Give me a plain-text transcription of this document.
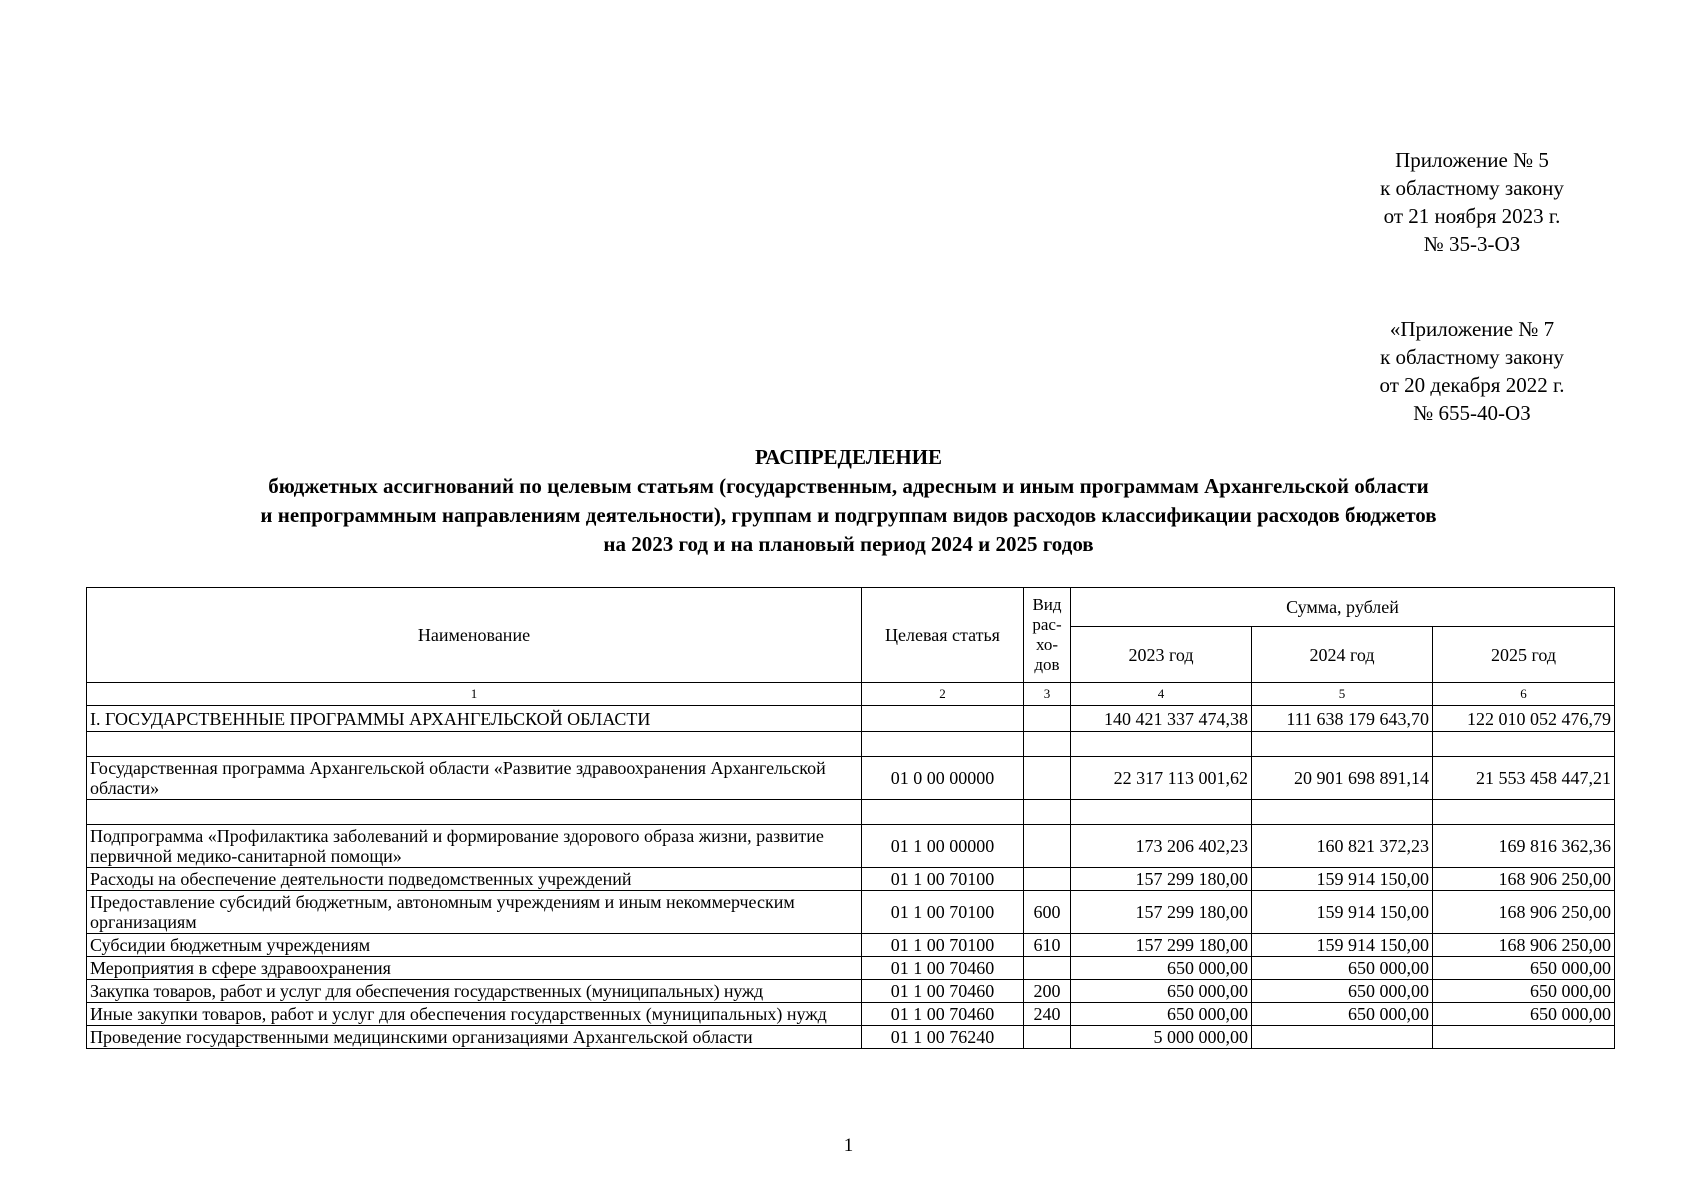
Приложение № 5
к областному закону
от 21 ноября 2023 г.
№ 35-3-ОЗ
«Приложение № 7
к областному закону
от 20 декабря 2022 г.
№ 655-40-ОЗ
РАСПРЕДЕЛЕНИЕ
бюджетных ассигнований по целевым статьям (государственным, адресным и иным программам Архангельской области
и непрограммным направлениям деятельности), группам и подгруппам видов расходов классификации расходов бюджетов
на 2023 год и на плановый период 2024 и 2025 годов
Наименование	Целевая статья	Вид рас- хо- дов	Сумма, рублей		
			2023 год	2024 год	2025 год
1	2	3	4	5	6
I. ГОСУДАРСТВЕННЫЕ ПРОГРАММЫ АРХАНГЕЛЬСКОЙ ОБЛАСТИ			140 421 337 474,38	111 638 179 643,70	122 010 052 476,79

Государственная программа Архангельской области «Развитие здравоохранения Архангельской области»	01 0 00 00000		22 317 113 001,62	20 901 698 891,14	21 553 458 447,21

Подпрограмма «Профилактика заболеваний и формирование здорового образа жизни, развитие первичной медико-санитарной помощи»	01 1 00 00000		173 206 402,23	160 821 372,23	169 816 362,36
Расходы на обеспечение деятельности подведомственных учреждений	01 1 00 70100		157 299 180,00	159 914 150,00	168 906 250,00
Предоставление субсидий бюджетным, автономным учреждениям и иным некоммерческим организациям	01 1 00 70100	600	157 299 180,00	159 914 150,00	168 906 250,00
Субсидии бюджетным учреждениям	01 1 00 70100	610	157 299 180,00	159 914 150,00	168 906 250,00
Мероприятия в сфере здравоохранения	01 1 00 70460		650 000,00	650 000,00	650 000,00
Закупка товаров, работ и услуг для обеспечения государственных (муниципальных) нужд	01 1 00 70460	200	650 000,00	650 000,00	650 000,00
Иные закупки товаров, работ и услуг для обеспечения государственных (муниципальных) нужд	01 1 00 70460	240	650 000,00	650 000,00	650 000,00
Проведение государственными медицинскими организациями Архангельской области	01 1 00 76240		5 000 000,00		
1
